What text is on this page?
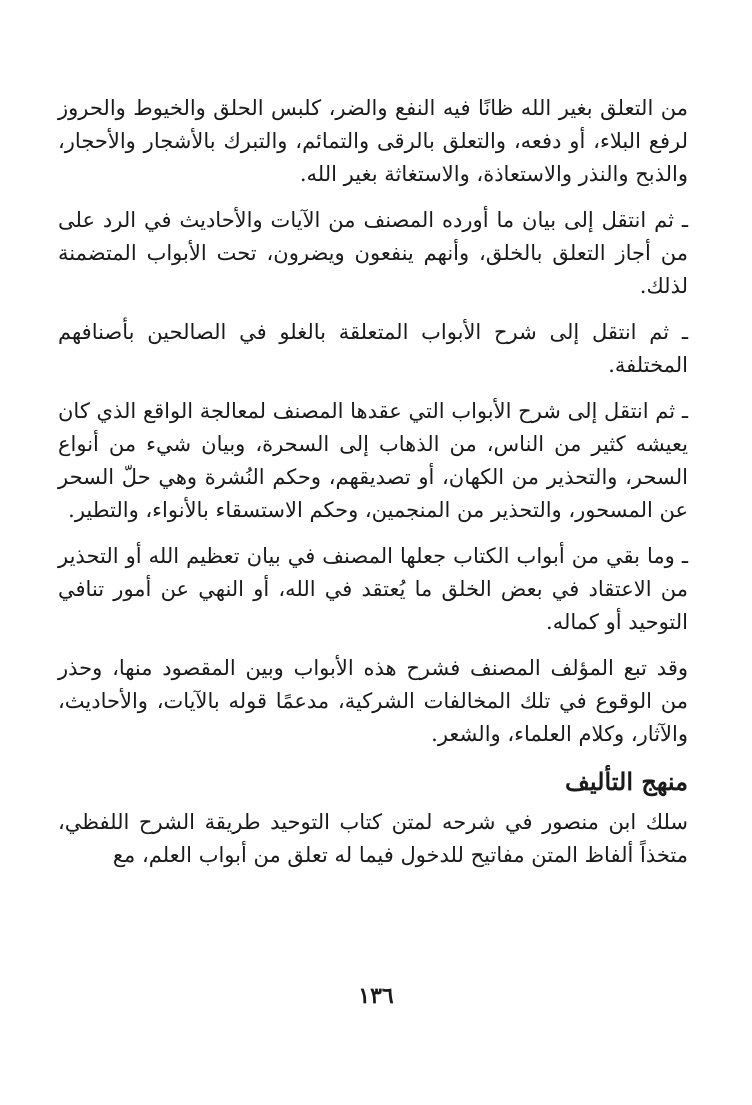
من التعلق بغير الله ظانًا فيه النفع والضر، كلبس الحلق والخيوط والحروز لرفع البلاء، أو دفعه، والتعلق بالرقى والتمائم، والتبرك بالأشجار والأحجار، والذبح والنذر والاستعاذة، والاستغاثة بغير الله.

ـ ثم انتقل إلى بيان ما أورده المصنف من الآيات والأحاديث في الرد على من أجاز التعلق بالخلق، وأنهم ينفعون ويضرون، تحت الأبواب المتضمنة لذلك.

ـ ثم انتقل إلى شرح الأبواب المتعلقة بالغلو في الصالحين بأصنافهم المختلفة.

ـ ثم انتقل إلى شرح الأبواب التي عقدها المصنف لمعالجة الواقع الذي كان يعيشه كثير من الناس، من الذهاب إلى السحرة، وبيان شيء من أنواع السحر، والتحذير من الكهان، أو تصديقهم، وحكم النُشرة وهي حلّ السحر عن المسحور، والتحذير من المنجمين، وحكم الاستسقاء بالأنواء، والتطير.

ـ وما بقي من أبواب الكتاب جعلها المصنف في بيان تعظيم الله أو التحذير من الاعتقاد في بعض الخلق ما يُعتقد في الله، أو النهي عن أمور تنافي التوحيد أو كماله.

وقد تبع المؤلف المصنف فشرح هذه الأبواب وبين المقصود منها، وحذر من الوقوع في تلك المخالفات الشركية، مدعمًا قوله بالآيات، والأحاديث، والآثار، وكلام العلماء، والشعر.

منهج التأليف

سلك ابن منصور في شرحه لمتن كتاب التوحيد طريقة الشرح اللفظي، متخذاً ألفاظ المتن مفاتيح للدخول فيما له تعلق من أبواب العلم، مع

١٣٦
